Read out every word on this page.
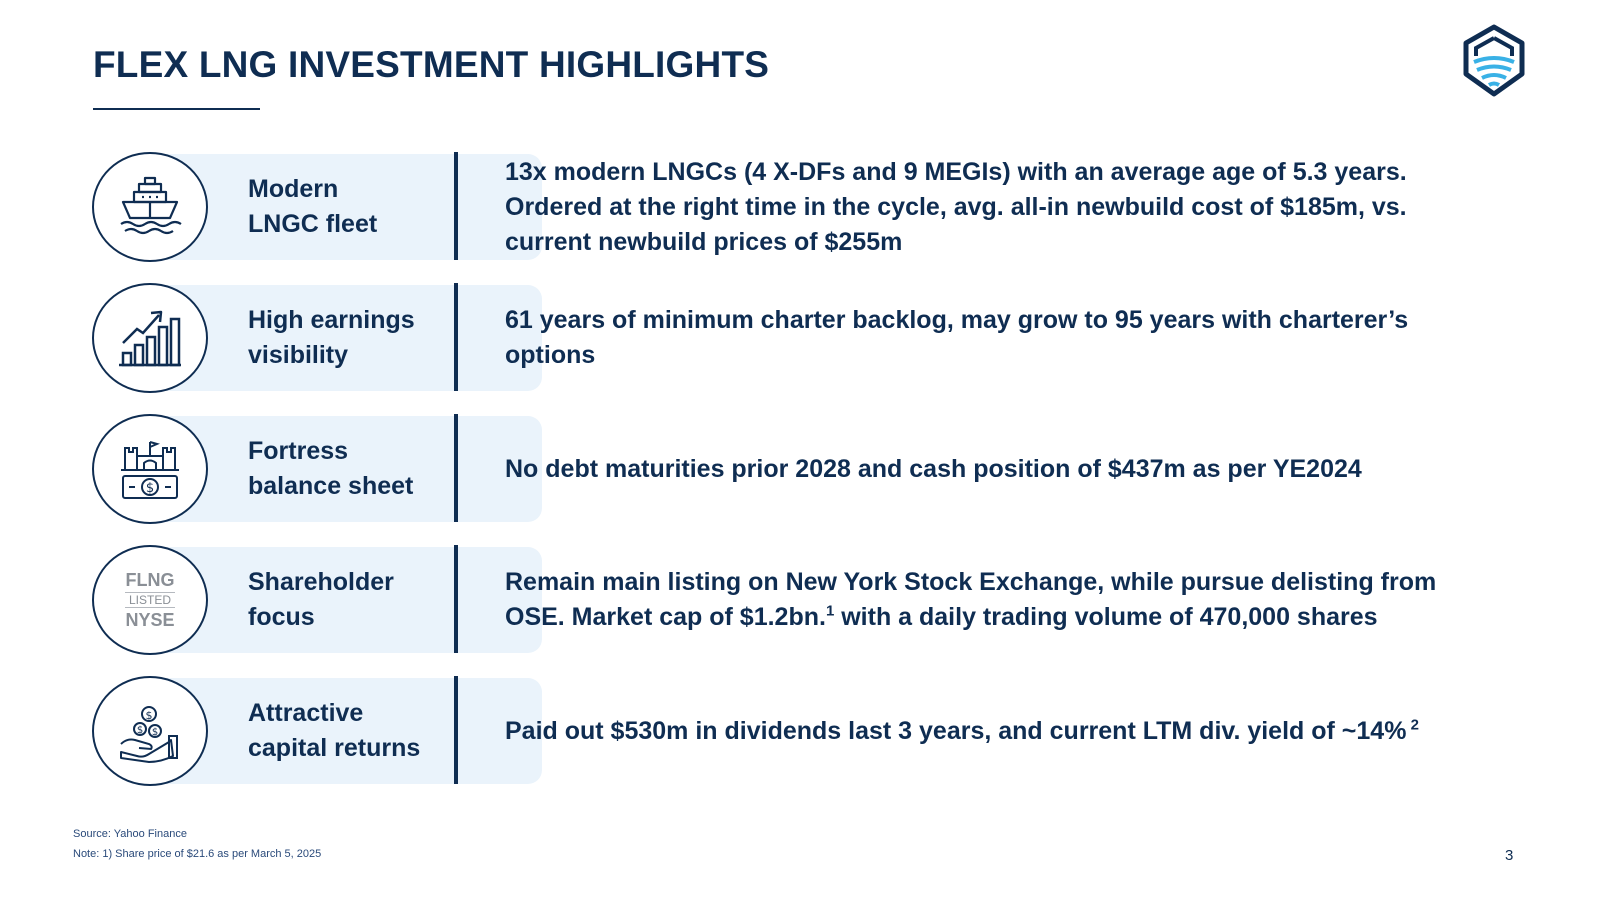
FLEX LNG INVESTMENT HIGHLIGHTS
Modern
LNGC fleet
13x modern LNGCs (4 X-DFs and 9 MEGIs) with an average age of 5.3 years. Ordered at the right time in the cycle, avg. all-in newbuild cost of $185m, vs. current newbuild prices of $255m
High earnings
visibility
61 years of minimum charter backlog, may grow to 95 years with charterer’s options
$
Fortress
balance sheet
No debt maturities prior 2028 and cash position of $437m as per YE2024
FLNG
LISTED
NYSE
Shareholder
focus
Remain main listing on New York Stock Exchange, while pursue delisting from OSE. Market cap of $1.2bn.$^1$ with a daily trading volume of 470,000 shares
$
$ $
Attractive
capital returns
Paid out $530m in dividends last 3 years, and current LTM div. yield of ~14% $^2$
Source: Yahoo Finance
Note: 1) Share price of $21.6 as per March 5, 2025	3
